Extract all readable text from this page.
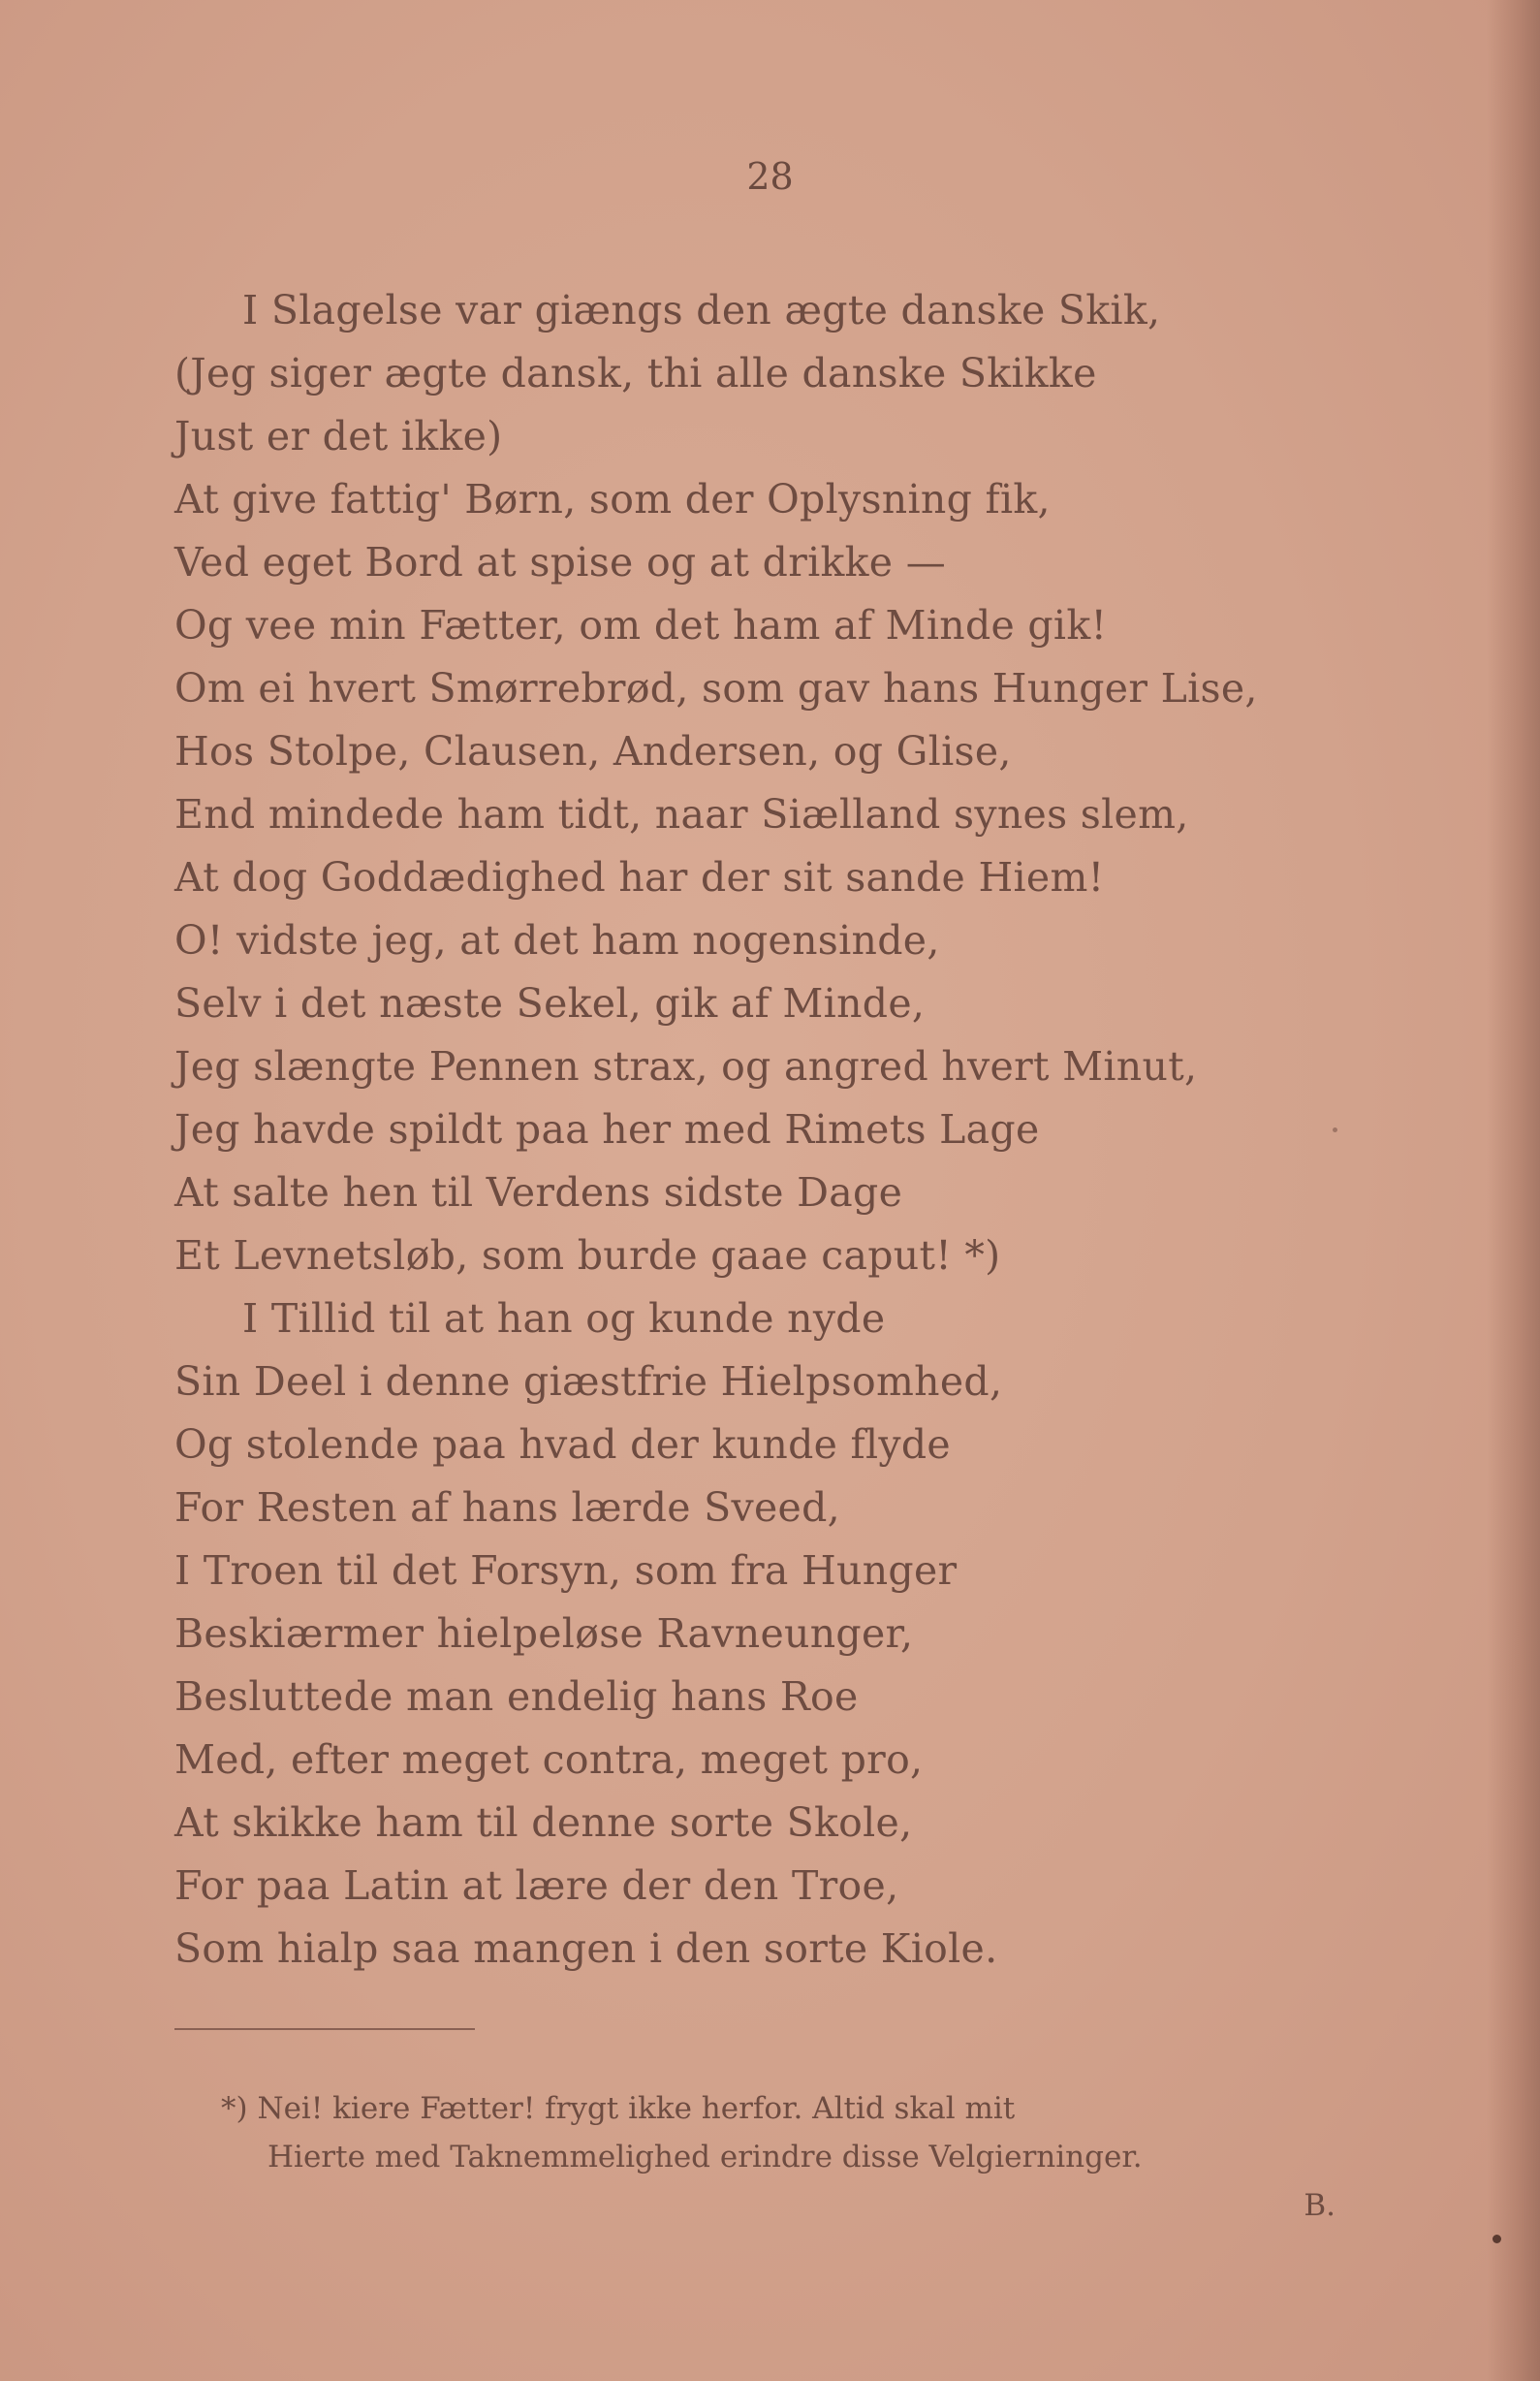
28
I Slagelse var giængs den ægte danske Skik,
(Jeg siger ægte dansk, thi alle danske Skikke
Just er det ikke)
At give fattig' Børn, som der Oplysning fik,
Ved eget Bord at spise og at drikke —
Og vee min Fætter, om det ham af Minde gik!
Om ei hvert Smørrebrød, som gav hans Hunger Lise,
Hos Stolpe, Clausen, Andersen, og Glise,
End mindede ham tidt, naar Siælland synes slem,
At dog Goddædighed har der sit sande Hiem!
O! vidste jeg, at det ham nogensinde,
Selv i det næste Sekel, gik af Minde,
Jeg slængte Pennen strax, og angred hvert Minut,
Jeg havde spildt paa her med Rimets Lage
At salte hen til Verdens sidste Dage
Et Levnetsløb, som burde gaae caput! *)
I Tillid til at han og kunde nyde
Sin Deel i denne giæstfrie Hielpsomhed,
Og stolende paa hvad der kunde flyde
For Resten af hans lærde Sveed,
I Troen til det Forsyn, som fra Hunger
Beskiærmer hielpeløse Ravneunger,
Besluttede man endelig hans Roe
Med, efter meget contra, meget pro,
At skikke ham til denne sorte Skole,
For paa Latin at lære der den Troe,
Som hialp saa mangen i den sorte Kiole.
*) Nei! kiere Fætter! frygt ikke herfor. Altid skal mit
Hierte med Taknemmelighed erindre disse Velgierninger.
B.
